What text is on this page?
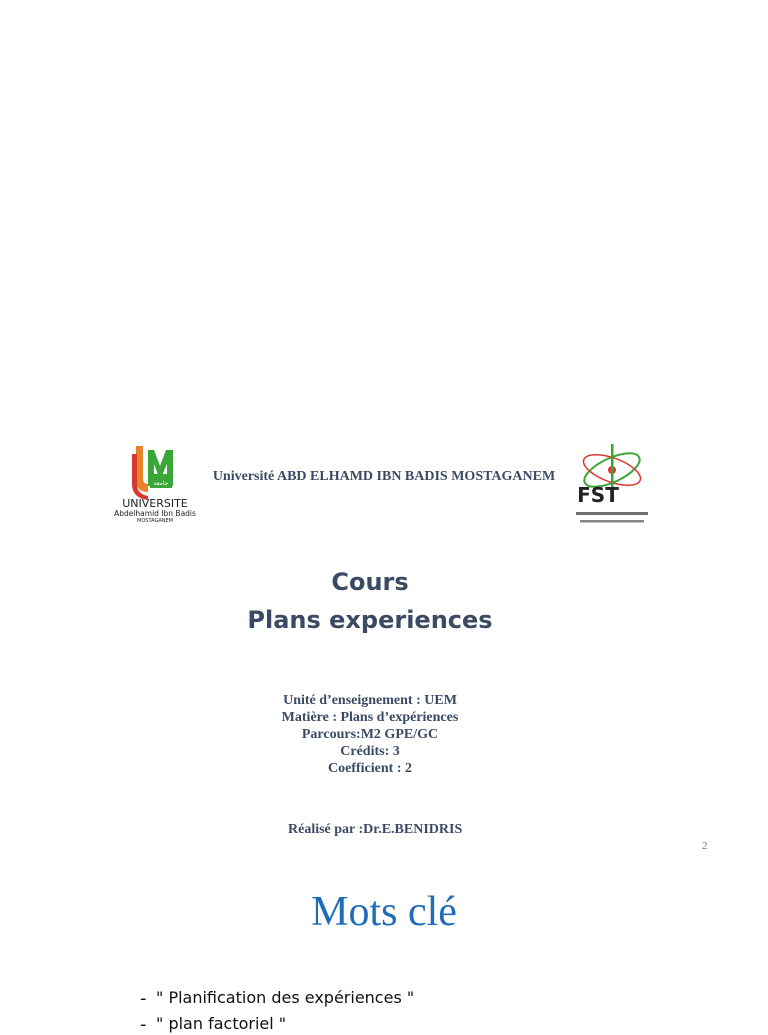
جامعة
UNIVERSITE
Abdelhamid Ibn Badis
MOSTAGANEM
Université ABD ELHAMD IBN BADIS MOSTAGANEM
FST
Cours
Plans experiences
Unité d’enseignement : UEM
Matière : Plans d’expériences
Parcours:M2 GPE/GC
Crédits: 3
Coefficient : 2
Réalisé par :Dr.E.BENIDRIS
2
Mots clé
- " Planification des expériences "
- " plan factoriel "
